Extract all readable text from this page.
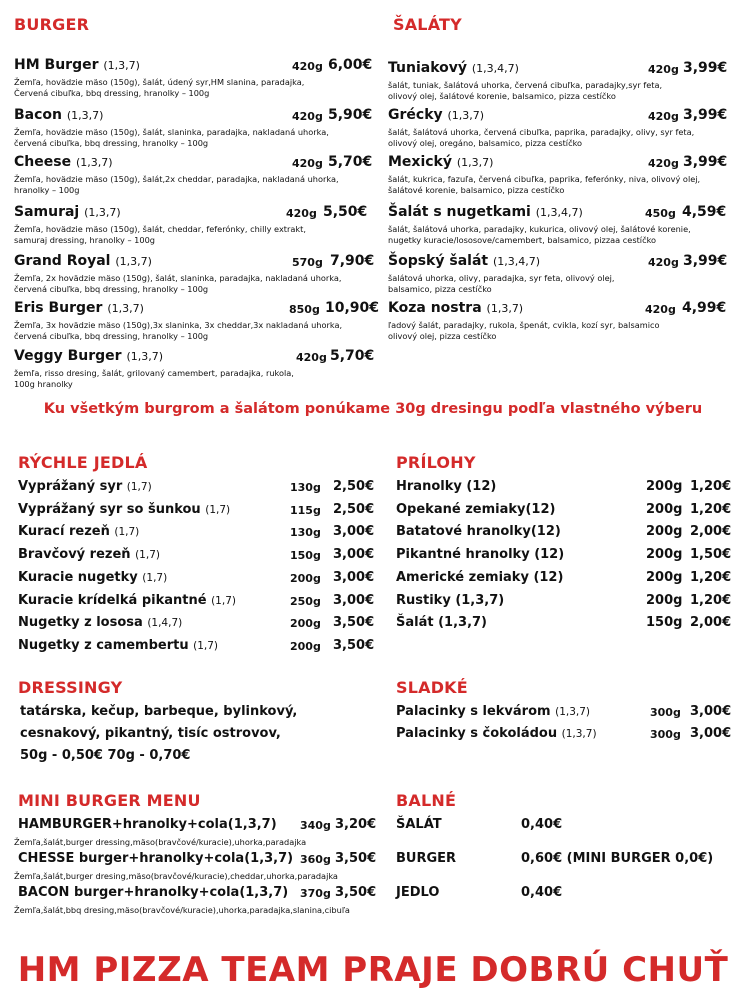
BURGER	ŠALÁTY
HM Burger (1,3,7)	420g 6,00€
Žemľa, hovädzie mäso (150g), šalát, údený syr,HM slanina, paradajka,
Červená cibuľka, bbq dressing, hranolky – 100g
Bacon (1,3,7)	420g 5,90€
Žemľa, hovädzie mäso (150g), šalát, slaninka, paradajka, nakladaná uhorka,
červená cibuľka, bbq dressing, hranolky – 100g
Cheese (1,3,7)	420g 5,70€
Žemľa, hovädzie mäso (150g), šalát,2x cheddar, paradajka, nakladaná uhorka,
hranolky – 100g
Samuraj (1,3,7)	420g 5,50€
Žemľa, hovädzie mäso (150g), šalát, cheddar, feferónky, chilly extrakt,
samuraj dressing, hranolky – 100g
Grand Royal (1,3,7)	570g 7,90€
Žemľa, 2x hovädzie mäso (150g), šalát, slaninka, paradajka, nakladaná uhorka,
červená cibuľka, bbq dressing, hranolky – 100g
Eris Burger (1,3,7)	850g 10,90€
Žemľa, 3x hovädzie mäso (150g),3x slaninka, 3x cheddar,3x nakladaná uhorka,
červená cibuľka, bbq dressing, hranolky – 100g
Veggy Burger (1,3,7)	420g 5,70€
žemľa, risso dresing, šalát, grilovaný camembert, paradajka, rukola,
100g hranolky
Tuniakový (1,3,4,7)	420g 3,99€
šalát, tuniak, šalátová uhorka, červená cibuľka, paradajky,syr feta,
olivový olej, šalátové korenie, balsamico, pizza cestíčko
Grécky (1,3,7)	420g 3,99€
šalát, šalátová uhorka, červená cibuľka, paprika, paradajky, olivy, syr feta,
olivový olej, oregáno, balsamico, pizza cestíčko
Mexický (1,3,7)	420g 3,99€
šalát, kukrica, fazuľa, červená cibuľka, paprika, feferónky, niva, olivový olej,
šalátové korenie, balsamico, pizza cestíčko
Šalát s nugetkami (1,3,4,7)	450g 4,59€
šalát, šalátová uhorka, paradajky, kukurica, olivový olej, šalátové korenie,
nugetky kuracie/lososove/camembert, balsamico, pizzaa cestíčko
Šopský šalát (1,3,4,7)	420g 3,99€
šalátová uhorka, olivy, paradajka, syr feta, olivový olej,
balsamico, pizza cestíčko
Koza nostra (1,3,7)	420g 4,99€
ľadový šalát, paradajky, rukola, špenát, cvikla, kozí syr, balsamico
olivový olej, pizza cestíčko
Ku všetkým burgrom a šalátom ponúkame 30g dresingu podľa vlastného výberu
RÝCHLE JEDLÁ	PRÍLOHY
Vyprážaný syr (1,7)	130g 2,50€
Vyprážaný syr so šunkou (1,7)	115g 2,50€
Kurací rezeň (1,7)	130g 3,00€
Bravčový rezeň (1,7)	150g 3,00€
Kuracie nugetky (1,7)	200g 3,00€
Kuracie krídelká pikantné (1,7)	250g 3,00€
Nugetky z lososa (1,4,7)	200g 3,50€
Nugetky z camembertu (1,7)	200g 3,50€
Hranolky (12)	200g 1,20€
Opekané zemiaky(12)	200g 1,20€
Batatové hranolky(12)	200g 2,00€
Pikantné hranolky (12)	200g 1,50€
Americké zemiaky (12)	200g 1,20€
Rustiky (1,3,7)	200g 1,20€
Šalát (1,3,7)	150g 2,00€
DRESSINGY
tatárska, kečup, barbeque, bylinkový,
cesnakový, pikantný, tisíc ostrovov,
50g - 0,50€ 70g - 0,70€
SLADKÉ
Palacinky s lekvárom (1,3,7)	300g 3,00€
Palacinky s čokoládou (1,3,7)	300g 3,00€
MINI BURGER MENU
HAMBURGER+hranolky+cola(1,3,7) 340g 3,20€
Žemľa,šalát,burger dressing,mäso(bravčové/kuracie),uhorka,paradajka
CHESSE burger+hranolky+cola(1,3,7) 360g 3,50€
Žemľa,šalát,burger dresing,mäso(bravčové/kuracie),cheddar,uhorka,paradajka
BACON burger+hranolky+cola(1,3,7) 370g 3,50€
Žemľa,šalát,bbq dresing,mäso(bravčové/kuracie),uhorka,paradajka,slanina,cibuľa
BALNÉ
ŠALÁT	0,40€
BURGER	0,60€ (MINI BURGER 0,0€)
JEDLO	0,40€
HM PIZZA TEAM PRAJE DOBRÚ CHUŤ
